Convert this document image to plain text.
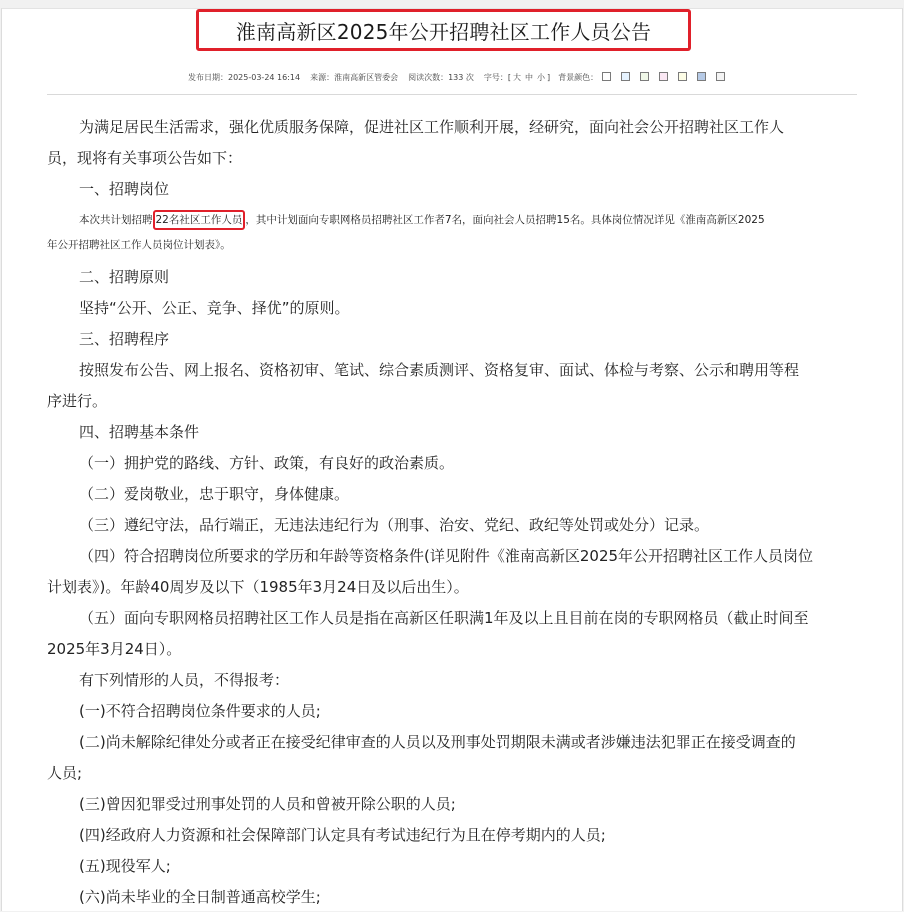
淮南高新区2025年公开招聘社区工作人员公告
发布日期：2025-03-24 16:14 来源：淮南高新区管委会 阅读次数：133 次 字号： [ 大 中 小 ] 背景颜色：
为满足居民生活需求，强化优质服务保障，促进社区工作顺利开展，经研究，面向社会公开招聘社区工作人
员，现将有关事项公告如下：
一、招聘岗位
本次共计划招聘 22名社区工作人员 ，其中计划面向专职网格员招聘社区工作者7名，面向社会人员招聘15名。具体岗位情况详见《淮南高新区2025
年公开招聘社区工作人员岗位计划表》。
二、招聘原则
坚持“公开、公正、竞争、择优”的原则。
三、招聘程序
按照发布公告、网上报名、资格初审、笔试、综合素质测评、资格复审、面试、体检与考察、公示和聘用等程
序进行。
四、招聘基本条件
（一）拥护党的路线、方针、政策，有良好的政治素质。
（二）爱岗敬业，忠于职守，身体健康。
（三）遵纪守法，品行端正，无违法违纪行为（刑事、治安、党纪、政纪等处罚或处分）记录。
（四）符合招聘岗位所要求的学历和年龄等资格条件(详见附件《淮南高新区2025年公开招聘社区工作人员岗位
计划表》)。年龄40周岁及以下（1985年3月24日及以后出生）。
（五）面向专职网格员招聘社区工作人员是指在高新区任职满1年及以上且目前在岗的专职网格员（截止时间至
2025年3月24日）。
有下列情形的人员，不得报考：
(一)不符合招聘岗位条件要求的人员;
(二)尚未解除纪律处分或者正在接受纪律审查的人员以及刑事处罚期限未满或者涉嫌违法犯罪正在接受调查的
人员;
(三)曾因犯罪受过刑事处罚的人员和曾被开除公职的人员;
(四)经政府人力资源和社会保障部门认定具有考试违纪行为且在停考期内的人员;
(五)现役军人;
(六)尚未毕业的全日制普通高校学生;
